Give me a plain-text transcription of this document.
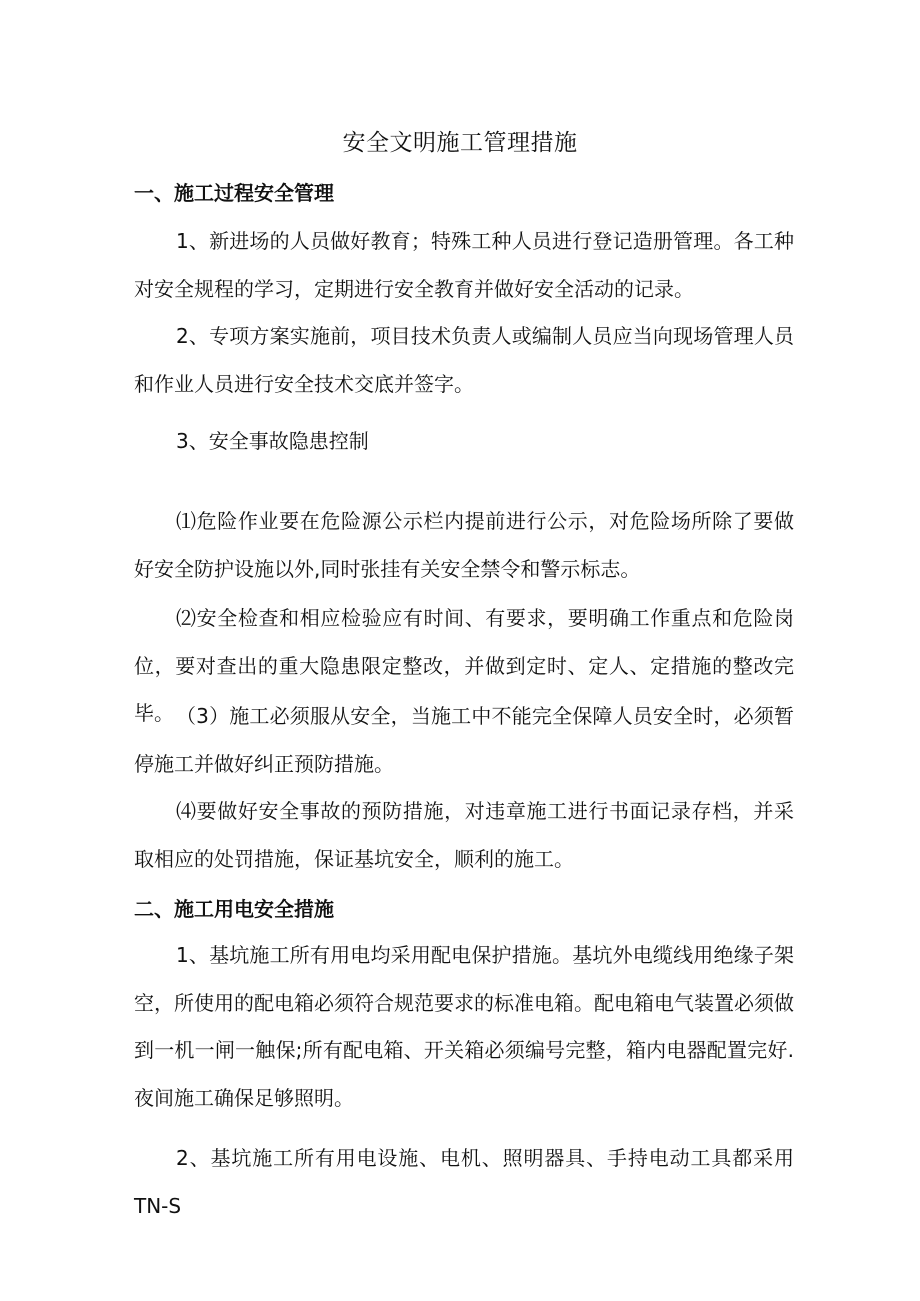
安全文明施工管理措施
一、施工过程安全管理

1、新进场的人员做好教育；特殊工种人员进行登记造册管理。各工种对安全规程的学习，定期进行安全教育并做好安全活动的记录。

2、专项方案实施前，项目技术负责人或编制人员应当向现场管理人员和作业人员进行安全技术交底并签字。

3、安全事故隐患控制

⑴危险作业要在危险源公示栏内提前进行公示，对危险场所除了要做好安全防护设施以外,同时张挂有关安全禁令和警示标志。

⑵安全检查和相应检验应有时间、有要求，要明确工作重点和危险岗位，要对查出的重大隐患限定整改，并做到定时、定人、定措施的整改完毕。 （3）施工必须服从安全，当施工中不能完全保障人员安全时，必须暂停施工并做好纠正预防措施。

⑷要做好安全事故的预防措施，对违章施工进行书面记录存档，并采取相应的处罚措施，保证基坑安全，顺利的施工。

二、施工用电安全措施

1、基坑施工所有用电均采用配电保护措施。基坑外电缆线用绝缘子架空，所使用的配电箱必须符合规范要求的标准电箱。配电箱电气装置必须做到一机一闸一触保;所有配电箱、开关箱必须编号完整，箱内电器配置完好.夜间施工确保足够照明。

2、基坑施工所有用电设施、电机、照明器具、手持电动工具都采用TN-S
